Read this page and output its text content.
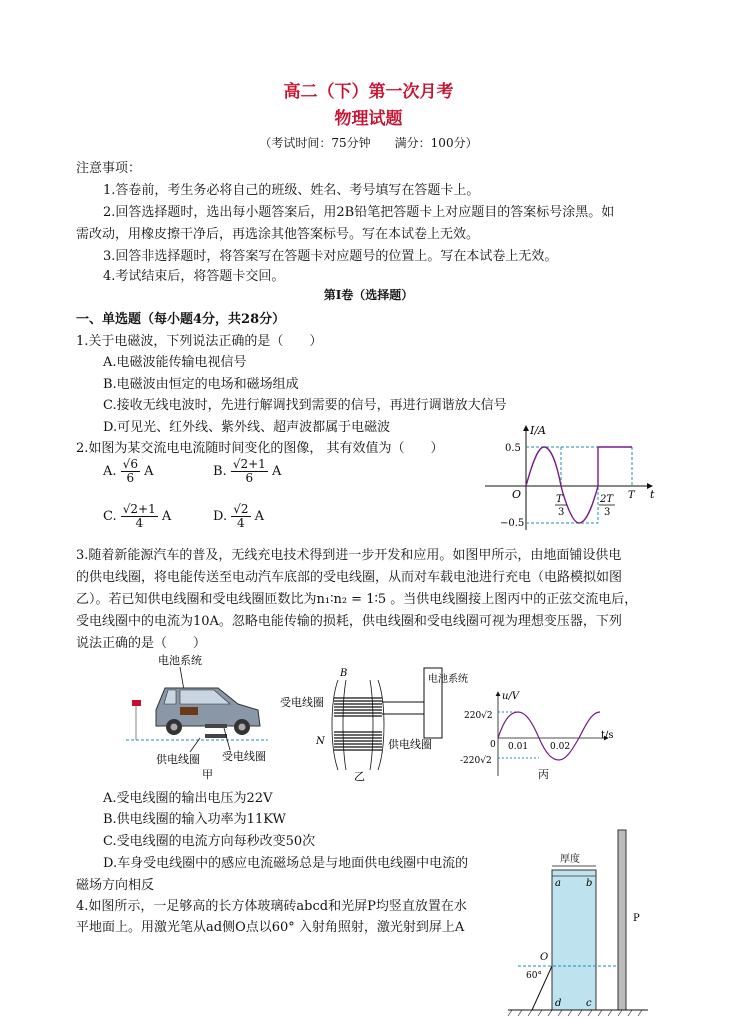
高二（下）第一次月考
物理试题
（考试时间：75分钟　　满分：100分）
注意事项：
1.答卷前，考生务必将自己的班级、姓名、考号填写在答题卡上。
2.回答选择题时，选出每小题答案后，用2B铅笔把答题卡上对应题目的答案标号涂黑。如
需改动，用橡皮擦干净后，再选涂其他答案标号。写在本试卷上无效。
3.回答非选择题时，将答案写在答题卡对应题号的位置上。写在本试卷上无效。
4.考试结束后，将答题卡交回。
第Ⅰ卷（选择题）
一、单选题（每小题4分，共28分）
1.关于电磁波，下列说法正确的是（　　）
A.电磁波能传输电视信号
B.电磁波由恒定的电场和磁场组成
C.接收无线电波时，先进行解调找到需要的信号，再进行调谐放大信号
D.可见光、红外线、紫外线、超声波都属于电磁波
2.如图为某交流电电流随时间变化的图像， 其有效值为（　　）
A. $\frac{√6}{6}$ A	B. $\frac{√2+1}{6}$ A
C. $\frac{√2+1}{4}$ A	D. $\frac{√2}{4}$ A
I/A
t
O
0.5
−0.5
T
3
2T
3
T
3.随着新能源汽车的普及，无线充电技术得到进一步开发和应用。如图甲所示，由地面铺设供电
的供电线圈，将电能传送至电动汽车底部的受电线圈，从而对车载电池进行充电（电路模拟如图
乙）。若已知供电线圈和受电线圈匝数比为n₁∶n₂ = 1∶5 。当供电线圈接上图丙中的正弦交流电后，
受电线圈中的电流为10A。忽略电能传输的损耗，供电线圈和受电线圈可视为理想变压器，下列
说法正确的是（　　）
电池系统
供电线圈 受电线圈
甲
受电线圈
B
N
电池系统
供电线圈
乙
u/V
t/s
0
220√2
-220√2
0.01 0.02
丙
A.受电线圈的输出电压为22V
B.供电线圈的输入功率为11KW
C.受电线圈的电流方向每秒改变50次
D.车身受电线圈中的感应电流磁场总是与地面供电线圈中电流的
磁场方向相反
4.如图所示，一足够高的长方体玻璃砖abcd和光屏P均竖直放置在水
平地面上。用激光笔从ad侧O点以60° 入射角照射，激光射到屏上A
厚度
a	b
d c
P
O
60°
